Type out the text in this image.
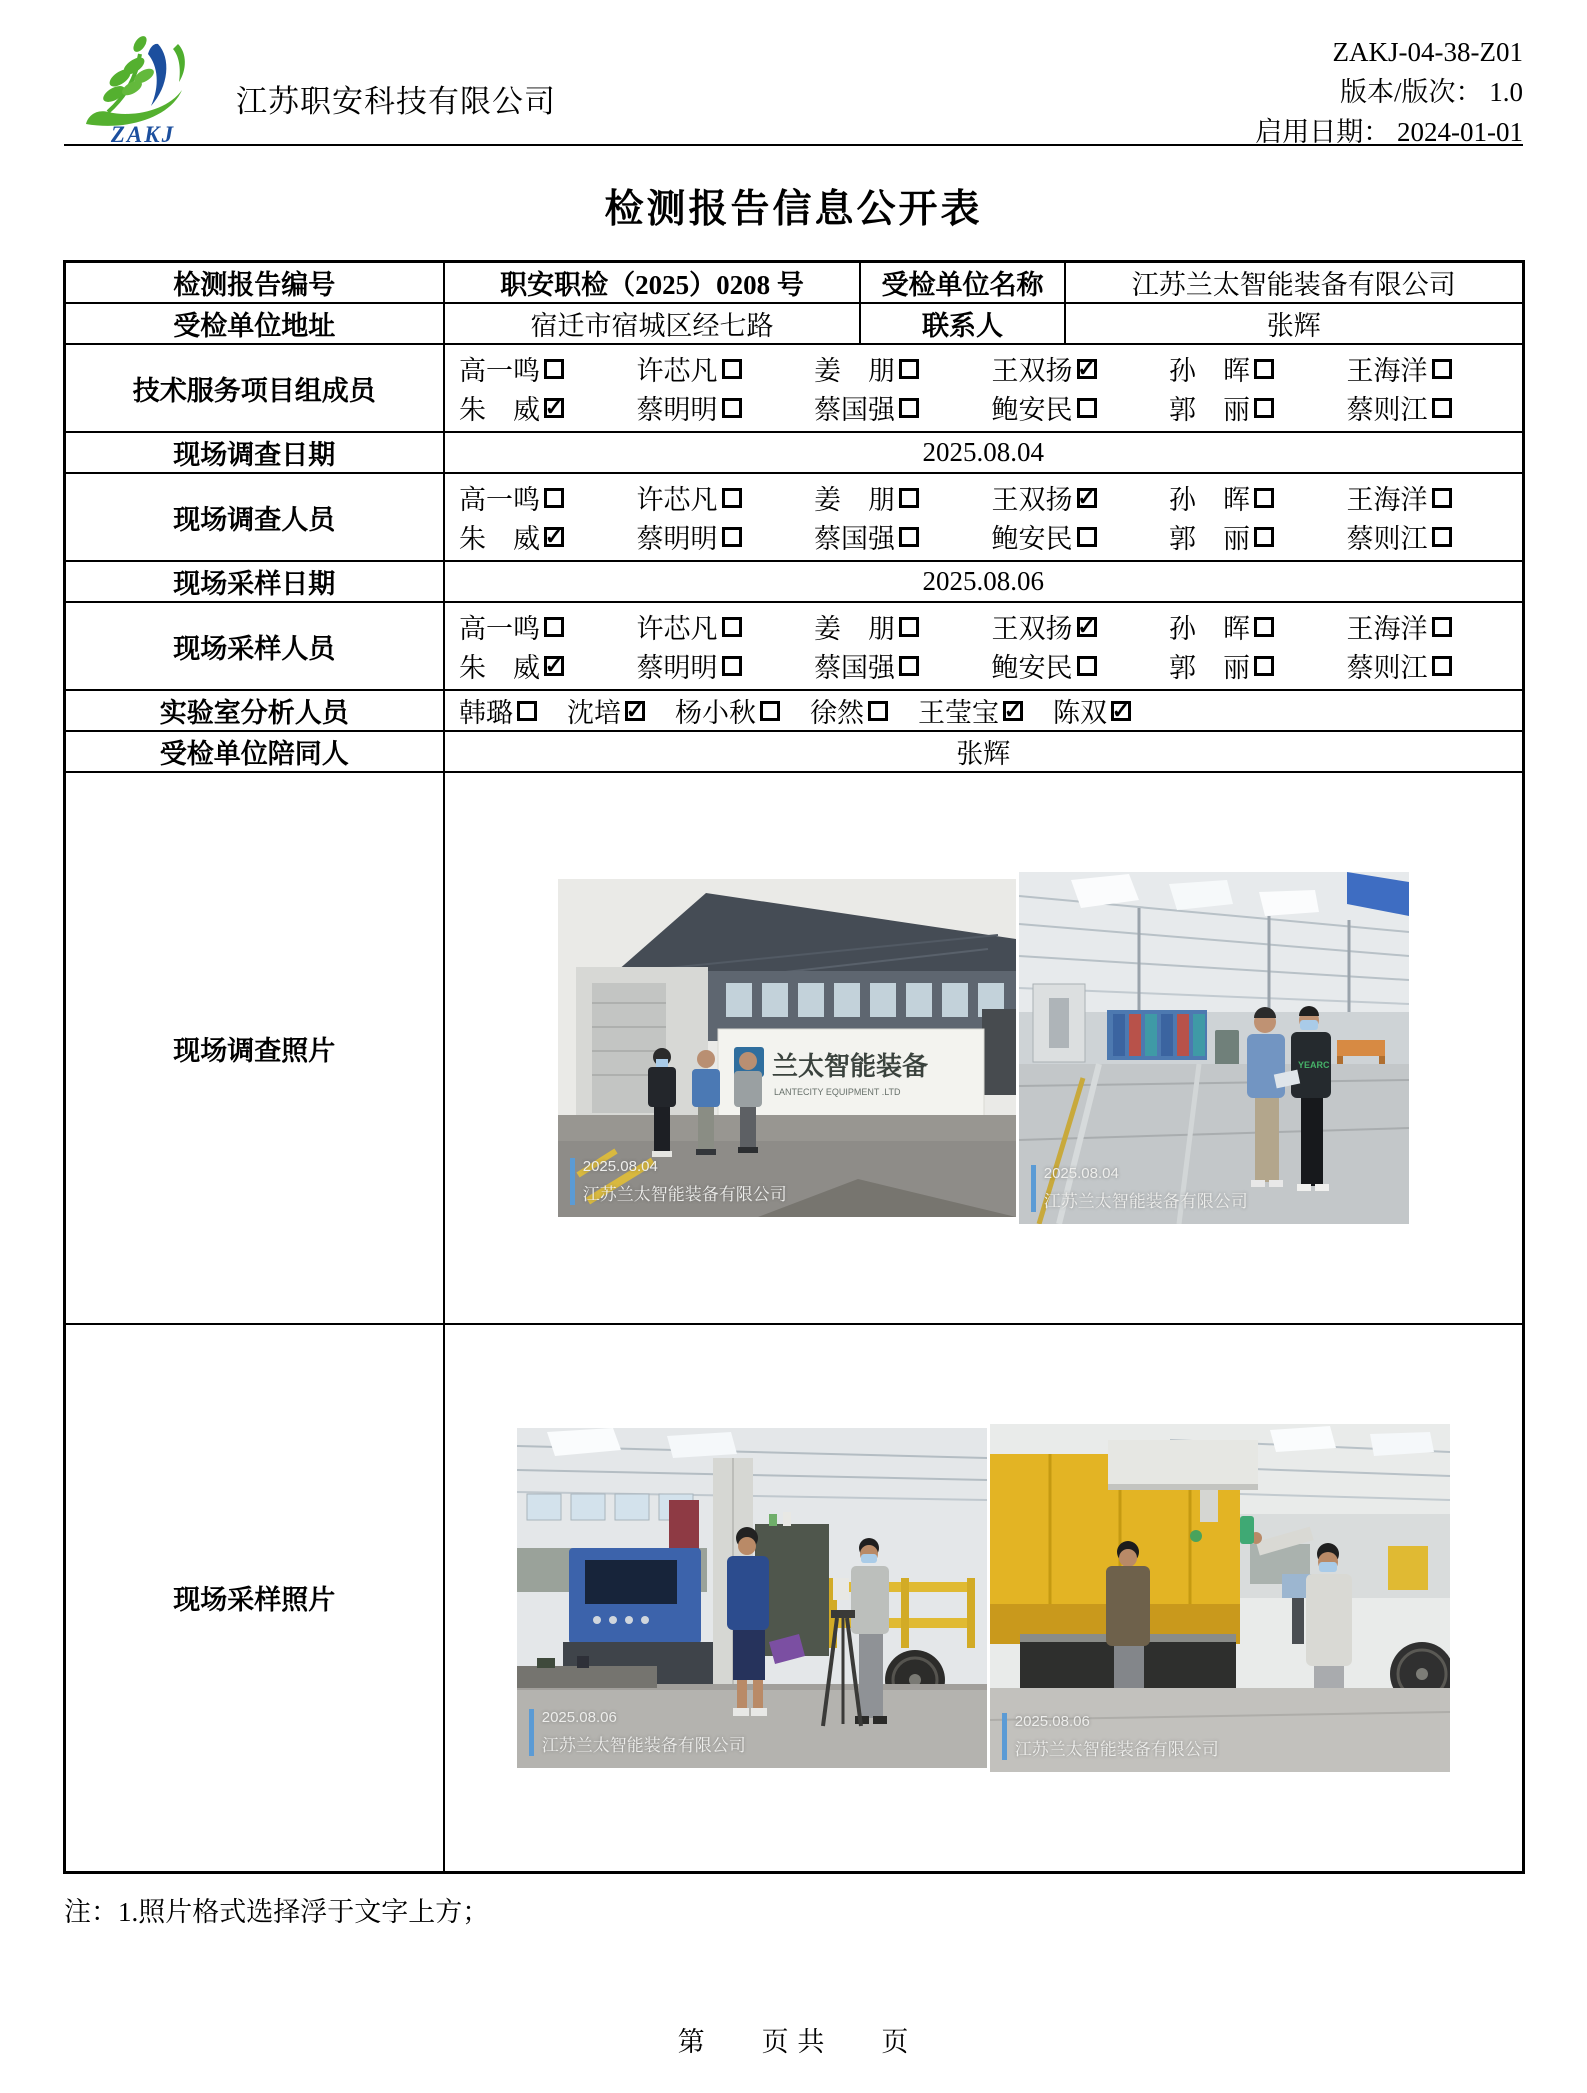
ZAKJ
江苏职安科技有限公司
ZAKJ-04-38-Z01
版本/版次： 1.0
启用日期： 2024-01-01
检测报告信息公开表
检测报告编号	职安职检（2025）0208 号	受检单位名称	江苏兰太智能装备有限公司
受检单位地址	宿迁市宿城区经七路	联系人	张辉
技术服务项目组成员	
高一鸣	许芯凡	姜　朋	王双扬 ✓	孙　晖	王海洋
朱　威 ✓	蔡明明	蔡国强	鲍安民	郭　丽	蔡则江

现场调查日期	2025.08.04		
现场调查人员	
高一鸣	许芯凡	姜　朋	王双扬 ✓	孙　晖	王海洋
朱　威 ✓	蔡明明	蔡国强	鲍安民	郭　丽	蔡则江

现场采样日期	2025.08.06		
现场采样人员	
高一鸣	许芯凡	姜　朋	王双扬 ✓	孙　晖	王海洋
朱　威 ✓	蔡明明	蔡国强	鲍安民	郭　丽	蔡则江

实验室分析人员	韩璐 沈培 ✓ 杨小秋 徐然 王莹宝 ✓ 陈双 ✓

受检单位陪同人	张辉		
现场调查照片	
兰太智能装备
LANTECITY EQUIPMENT .LTD
2025.08.04
江苏兰太智能装备有限公司
YEARC
2025.08.04
江苏兰太智能装备有限公司

现场采样照片	2025.08.06
江苏兰太智能装备有限公司
2025.08.06
江苏兰太智能装备有限公司		
注：1.照片格式选择浮于文字上方；
第　　页 共　　页
